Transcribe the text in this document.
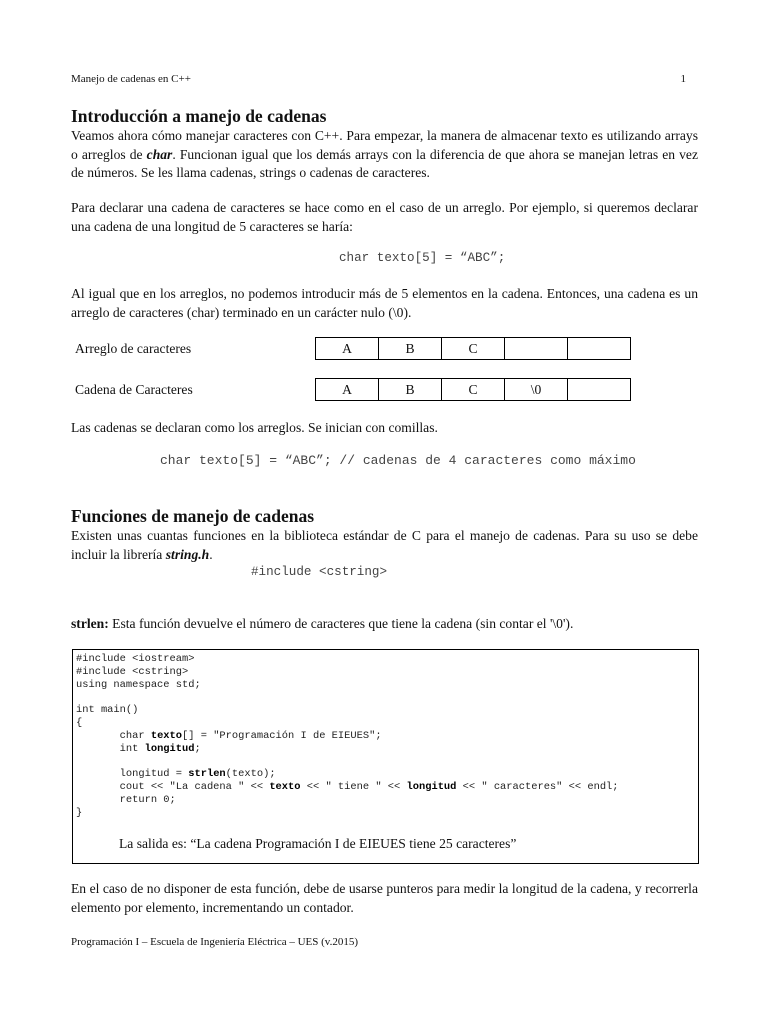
Manejo de cadenas en C++	1
Introducción a manejo de cadenas

Veamos ahora cómo manejar caracteres con C++. Para empezar, la manera de almacenar texto es utilizando arrays o arreglos de char. Funcionan igual que los demás arrays con la diferencia de que ahora se manejan letras en vez de números. Se les llama cadenas, strings o cadenas de caracteres.

Para declarar una cadena de caracteres se hace como en el caso de un arreglo. Por ejemplo, si queremos declarar una cadena de una longitud de 5 caracteres se haría:

char texto[5] = “ABC”;

Al igual que en los arreglos, no podemos introducir más de 5 elementos en la cadena. Entonces, una cadena es un arreglo de caracteres (char) terminado en un carácter nulo (\0).

Arreglo de caracteres	A	B	C		
Cadena de Caracteres	A	B	C	\0	

Las cadenas se declaran como los arreglos. Se inician con comillas.

char texto[5] = “ABC”; // cadenas de 4 caracteres como máximo
Funciones de manejo de cadenas

Existen unas cuantas funciones en la biblioteca estándar de C para el manejo de cadenas. Para su uso se debe incluir la librería string.h.

#include <cstring>

strlen: Esta función devuelve el número de caracteres que tiene la cadena (sin contar el '\0').

#include <iostream>
#include <cstring>
using namespace std;

int main()
{
char texto[] = "Programación I de EIEUES";
int longitud;

longitud = strlen(texto);
cout << "La cadena " << texto << " tiene " << longitud << " caracteres" << endl;
return 0;
}
La salida es: “La cadena Programación I de EIEUES tiene 25 caracteres”

En el caso de no disponer de esta función, debe de usarse punteros para medir la longitud de la cadena, y recorrerla elemento por elemento, incrementando un contador.

Programación I – Escuela de Ingeniería Eléctrica – UES (v.2015)
